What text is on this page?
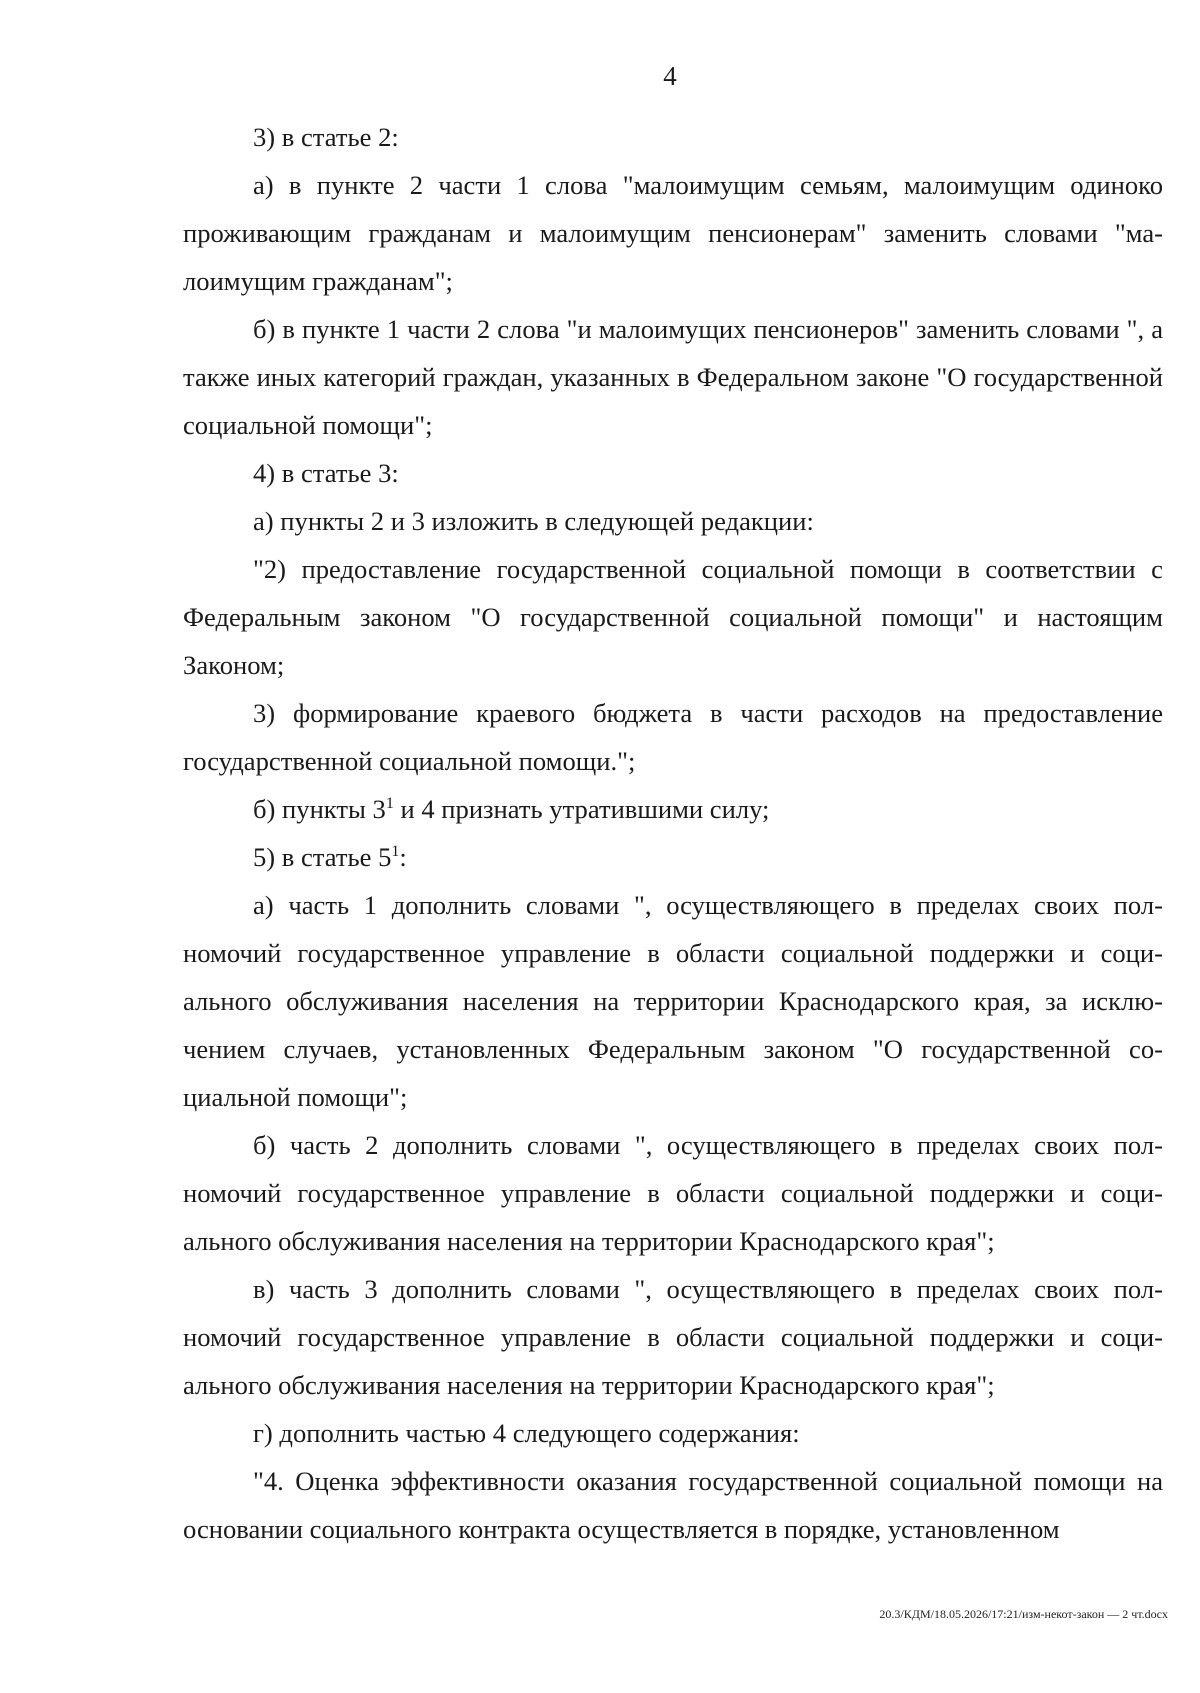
4

3) в статье 2:

а) в пункте 2 части 1 слова "малоимущим семьям, малоимущим одиноко проживающим гражданам и малоимущим пенсионерам" заменить словами "малоимущим гражданам";

б) в пункте 1 части 2 слова "и малоимущих пенсионеров" заменить словами ", а также иных категорий граждан, указанных в Федеральном законе "О государственной социальной помощи";

4) в статье 3:

а) пункты 2 и 3 изложить в следующей редакции:

"2) предоставление государственной социальной помощи в соответствии с Федеральным законом "О государственной социальной помощи" и настоящим Законом;

3) формирование краевого бюджета в части расходов на предоставление государственной социальной помощи.";

б) пункты $3^1$ и 4 признать утратившими силу;

5) в статье $5^1$:

а) часть 1 дополнить словами ", осуществляющего в пределах своих полномочий государственное управление в области социальной поддержки и социального обслуживания населения на территории Краснодарского края, за исключением случаев, установленных Федеральным законом "О государственной социальной помощи";

б) часть 2 дополнить словами ", осуществляющего в пределах своих полномочий государственное управление в области социальной поддержки и социального обслуживания населения на территории Краснодарского края";

в) часть 3 дополнить словами ", осуществляющего в пределах своих полномочий государственное управление в области социальной поддержки и социального обслуживания населения на территории Краснодарского края";

г) дополнить частью 4 следующего содержания:

"4. Оценка эффективности оказания государственной социальной помощи на основании социального контракта осуществляется в порядке, установленном

20.3/КДМ/18.05.2026/17:21/изм-некот-закон — 2 чт.docx
